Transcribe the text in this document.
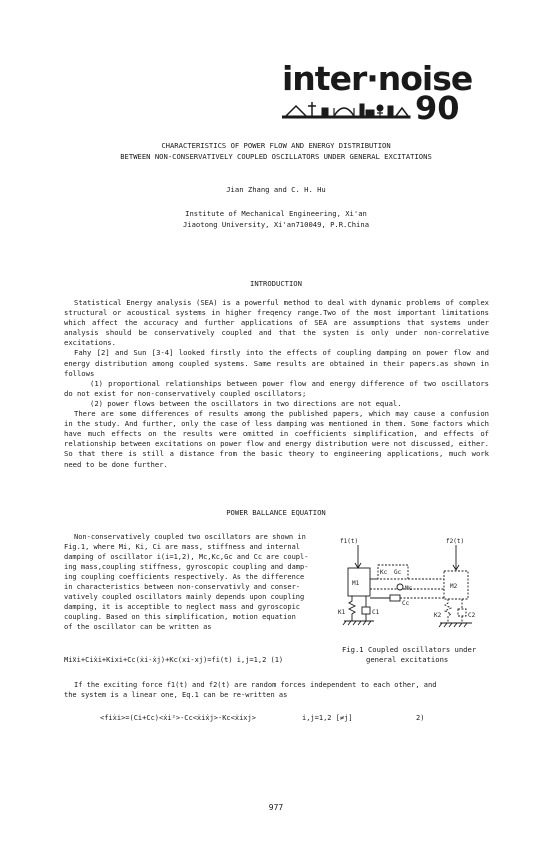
inter·noise
90
CHARACTERISTICS OF POWER FLOW AND ENERGY DISTRIBUTION
BETWEEN NON-CONSERVATIVELY COUPLED OSCILLATORS UNDER GENERAL EXCITATIONS
Jian Zhang and C. H. Hu
Institute of Mechanical Engineering, Xi'an
Jiaotong University, Xi'an710049, P.R.China
INTRODUCTION

Statistical Energy analysis (SEA) is a powerful method to deal with dynamic problems of complex structural or acoustical systems in higher freqency range.Two of the most important limitations which affect the accuracy and further applications of SEA are assumptions that systems under analysis should be conservatively coupled and that the systen is only under non-correlative excitations.

Fahy [2] and Sun [3-4] looked firstly into the effects of coupling damping on power flow and energy distribution among coupled systems. Same results are obtained in their papers.as shown in follows

(1) proportional relationships between power flow and energy difference of two oscillators do not exist for non-conservatively coupled oscillators;

(2) power flows between the oscillators in two directions are not equal.

There are some differences of results among the published papers, which may cause a confusion in the study. And further, only the case of less damping was mentioned in them. Some factors which have much effects on the results were omitted in coefficients simplification, and effects of relationship between excitations on power flow and energy distribution were not discussed, either. So that there is still a distance from the basic theory to engineering applications, much work need to be done further.

POWER BALLANCE EQUATION

Non-conservatively coupled two oscillators are shown in

Fig.1, where Mi, Ki, Ci are mass, stiffness and internal

damping of oscillator i(i=1,2), Mc,Kc,Gc and Cc are coupl-

ing mass,coupling stiffness, gyroscopic coupling and damp-

ing coupling coefficients respectively. As the difference

in characteristics between non-conservativly and conser-

vatively coupled oscillators mainly depends upon coupling

damping, it is acceptible to neglect mass and gyroscopic

coupling. Based on this simplification, motion equation

of the oscillator can be written as

Miẍi+Ciẋi+Kixi+Cc(ẋi-ẋj)+Kc(xi-xj)=fi(t) i,j=1,2 (1)
f1(t)	f2(t)
M1	M2
Kc Gc
Mc
Cc
K1	C1	K2	C2
Fig.1 Coupled oscillators under
general excitations
If the exciting force f1(t) and f2(t) are random forces independent to each other, and
the system is a linear one, Eq.1 can be re-written as
<fiẋi>=(Ci+Cc)<ẋi²>-Cc<ẋiẋj>-Kc<ẋixj>	i,j=1,2 [≠j]	2)
977
